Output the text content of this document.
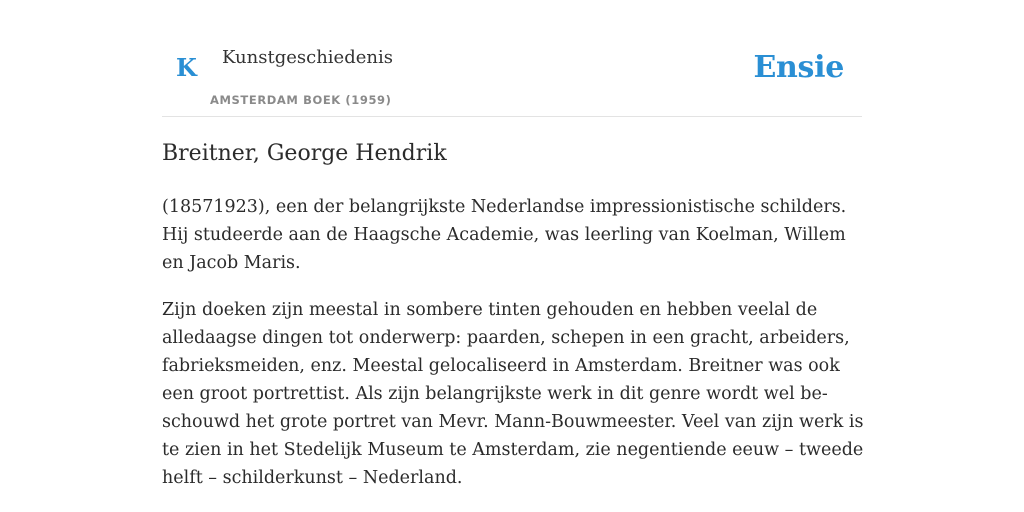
K Kunstgeschiedenis
AMSTERDAM BOEK (1959)
Ensie
Breitner, George Hendrik

(18571923), een der belangrijkste Nederlandse impressionistische schilders. Hij studeerde aan de Haagsche Academie, was leerling van Koelman, Willem en Jacob Maris.

Zijn doeken zijn meestal in sombere tinten gehouden en hebben veelal de alledaagse dingen tot onderwerp: paarden, schepen in een gracht, arbeiders, fabrieksmeiden, enz. Meestal gelocaliseerd in Amsterdam. Breitner was ook een groot portrettist. Als zijn belangrijkste werk in dit genre wordt wel be-schouwd het grote portret van Mevr. Mann-Bouwmeester. Veel van zijn werk is te zien in het Stedelijk Museum te Amsterdam, zie negentiende eeuw – tweede helft – schilderkunst – Nederland.
